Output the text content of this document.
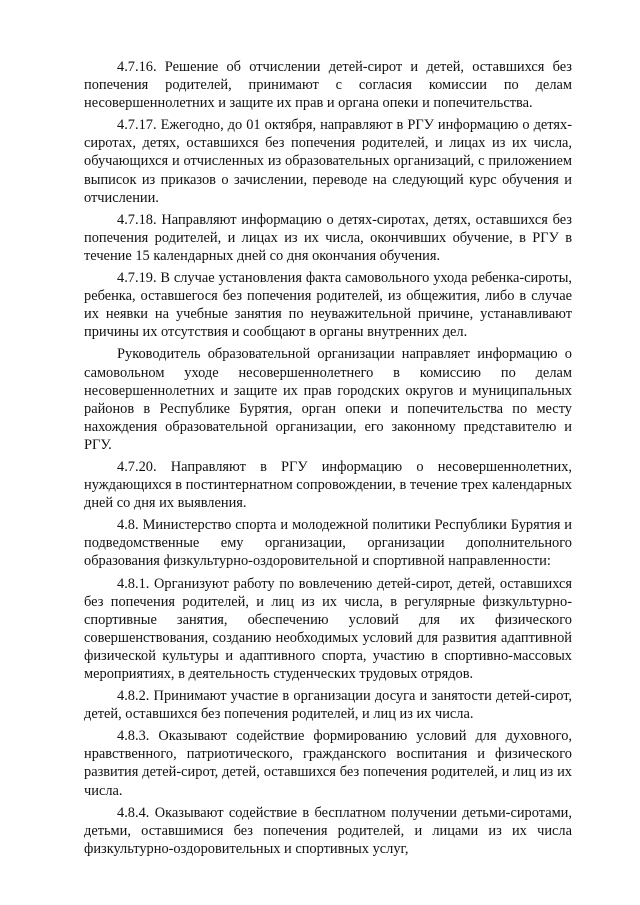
4.7.16. Решение об отчислении детей-сирот и детей, оставшихся без попечения родителей, принимают с согласия комиссии по делам несовершеннолетних и защите их прав и органа опеки и попечительства.

4.7.17. Ежегодно, до 01 октября, направляют в РГУ информацию о детях-сиротах, детях, оставшихся без попечения родителей, и лицах из их числа, обучающихся и отчисленных из образовательных организаций, с приложением выписок из приказов о зачислении, переводе на следующий курс обучения и отчислении.

4.7.18. Направляют информацию о детях-сиротах, детях, оставшихся без попечения родителей, и лицах из их числа, окончивших обучение, в РГУ в течение 15 календарных дней со дня окончания обучения.

4.7.19. В случае установления факта самовольного ухода ребенка-сироты, ребенка, оставшегося без попечения родителей, из общежития, либо в случае их неявки на учебные занятия по неуважительной причине, устанавливают причины их отсутствия и сообщают в органы внутренних дел.

Руководитель образовательной организации направляет информацию о самовольном уходе несовершеннолетнего в комиссию по делам несовершеннолетних и защите их прав городских округов и муниципальных районов в Республике Бурятия, орган опеки и попечительства по месту нахождения образовательной организации, его законному представителю и РГУ.

4.7.20. Направляют в РГУ информацию о несовершеннолетних, нуждающихся в постинтернатном сопровождении, в течение трех календарных дней со дня их выявления.

4.8. Министерство спорта и молодежной политики Республики Бурятия и подведомственные ему организации, организации дополнительного образования физкультурно-оздоровительной и спортивной направленности:

4.8.1. Организуют работу по вовлечению детей-сирот, детей, оставшихся без попечения родителей, и лиц из их числа, в регулярные физкультурно-спортивные занятия, обеспечению условий для их физического совершенствования, созданию необходимых условий для развития адаптивной физической культуры и адаптивного спорта, участию в спортивно-массовых мероприятиях, в деятельность студенческих трудовых отрядов.

4.8.2. Принимают участие в организации досуга и занятости детей-сирот, детей, оставшихся без попечения родителей, и лиц из их числа.

4.8.3. Оказывают содействие формированию условий для духовного, нравственного, патриотического, гражданского воспитания и физического развития детей-сирот, детей, оставшихся без попечения родителей, и лиц из их числа.

4.8.4. Оказывают содействие в бесплатном получении детьми-сиротами, детьми, оставшимися без попечения родителей, и лицами из их числа физкультурно-оздоровительных и спортивных услуг,
